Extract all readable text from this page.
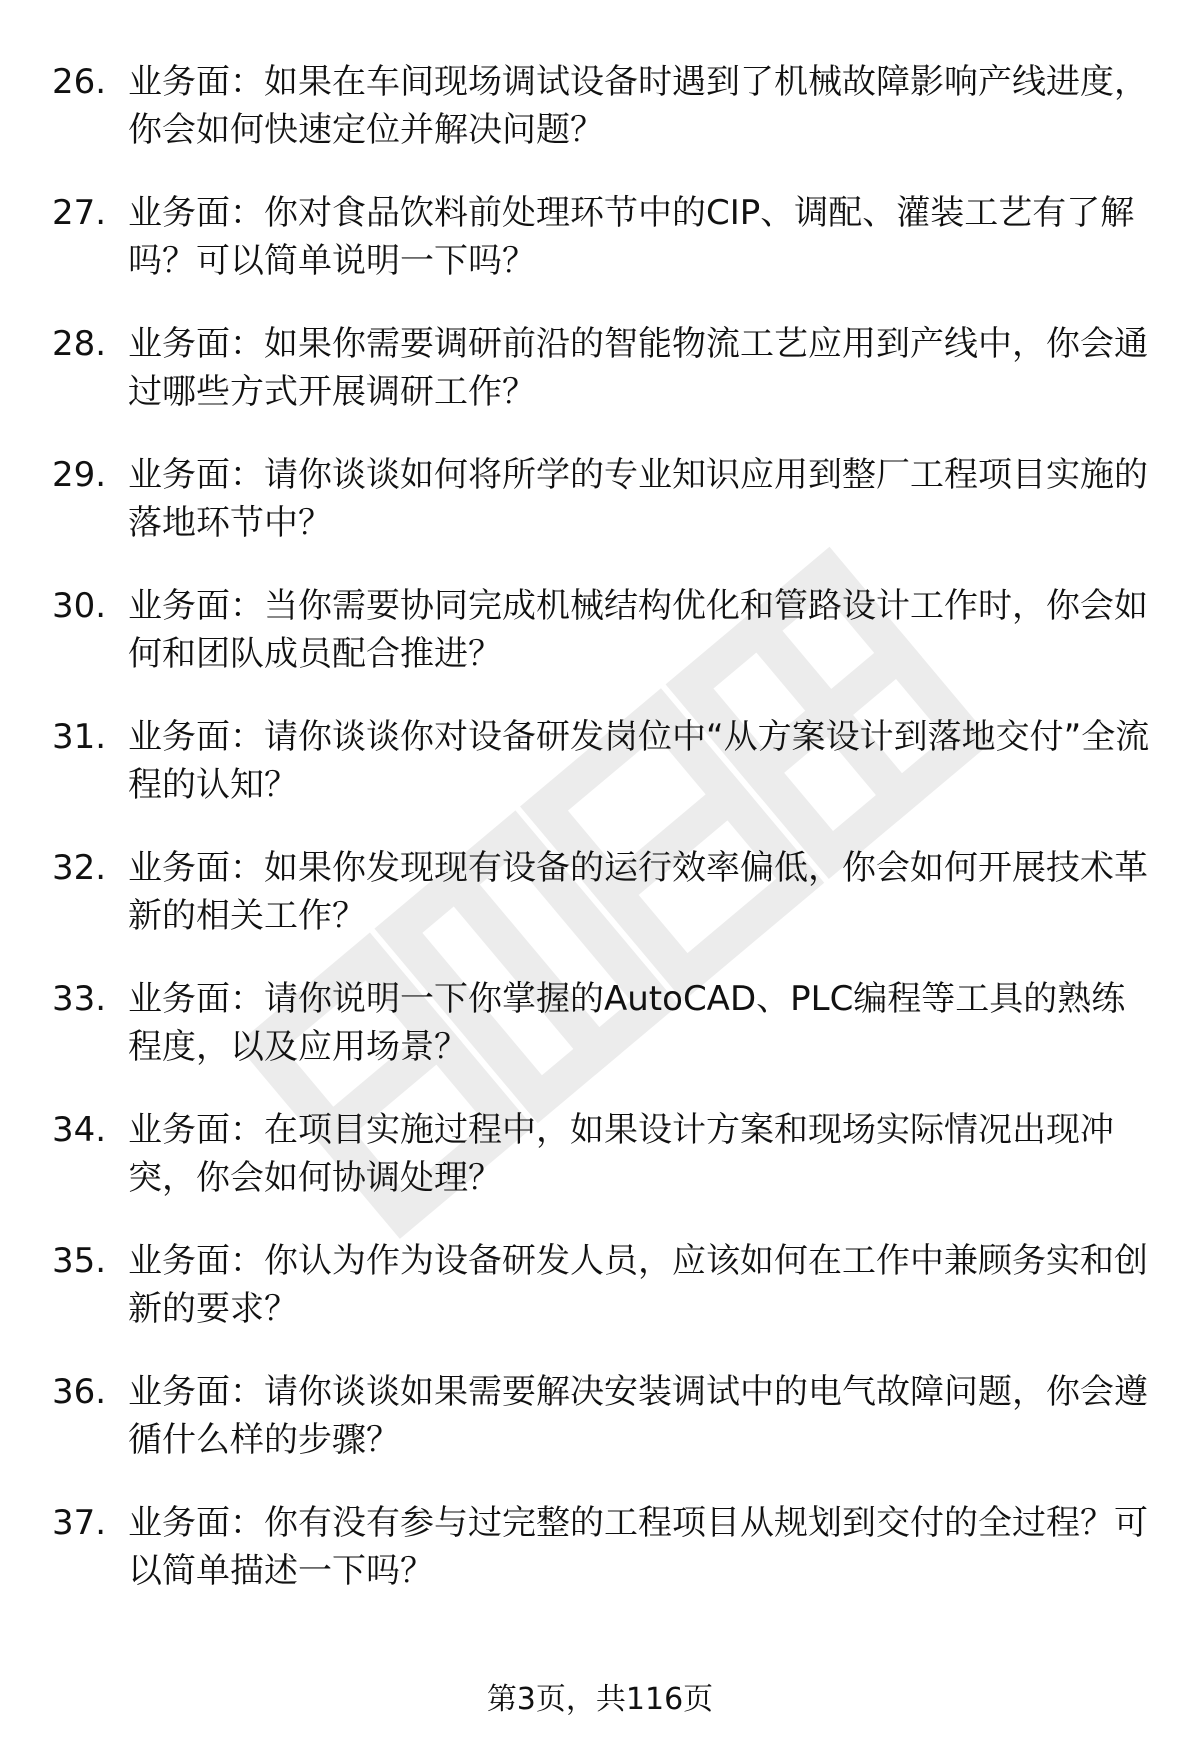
26. 业务面：如果在车间现场调试设备时遇到了机械故障影响产线进度，你会如何快速定位并解决问题？
27. 业务面：你对食品饮料前处理环节中的CIP、调配、灌装工艺有了解吗？可以简单说明一下吗？
28. 业务面：如果你需要调研前沿的智能物流工艺应用到产线中，你会通过哪些方式开展调研工作？
29. 业务面：请你谈谈如何将所学的专业知识应用到整厂工程项目实施的落地环节中？
30. 业务面：当你需要协同完成机械结构优化和管路设计工作时，你会如何和团队成员配合推进？
31. 业务面：请你谈谈你对设备研发岗位中“从方案设计到落地交付”全流程的认知？
32. 业务面：如果你发现现有设备的运行效率偏低，你会如何开展技术革新的相关工作？
33. 业务面：请你说明一下你掌握的AutoCAD、PLC编程等工具的熟练程度，以及应用场景？
34. 业务面：在项目实施过程中，如果设计方案和现场实际情况出现冲突，你会如何协调处理？
35. 业务面：你认为作为设备研发人员，应该如何在工作中兼顾务实和创新的要求？
36. 业务面：请你谈谈如果需要解决安装调试中的电气故障问题，你会遵循什么样的步骤？
37. 业务面：你有没有参与过完整的工程项目从规划到交付的全过程？可以简单描述一下吗？
第3页，共116页
